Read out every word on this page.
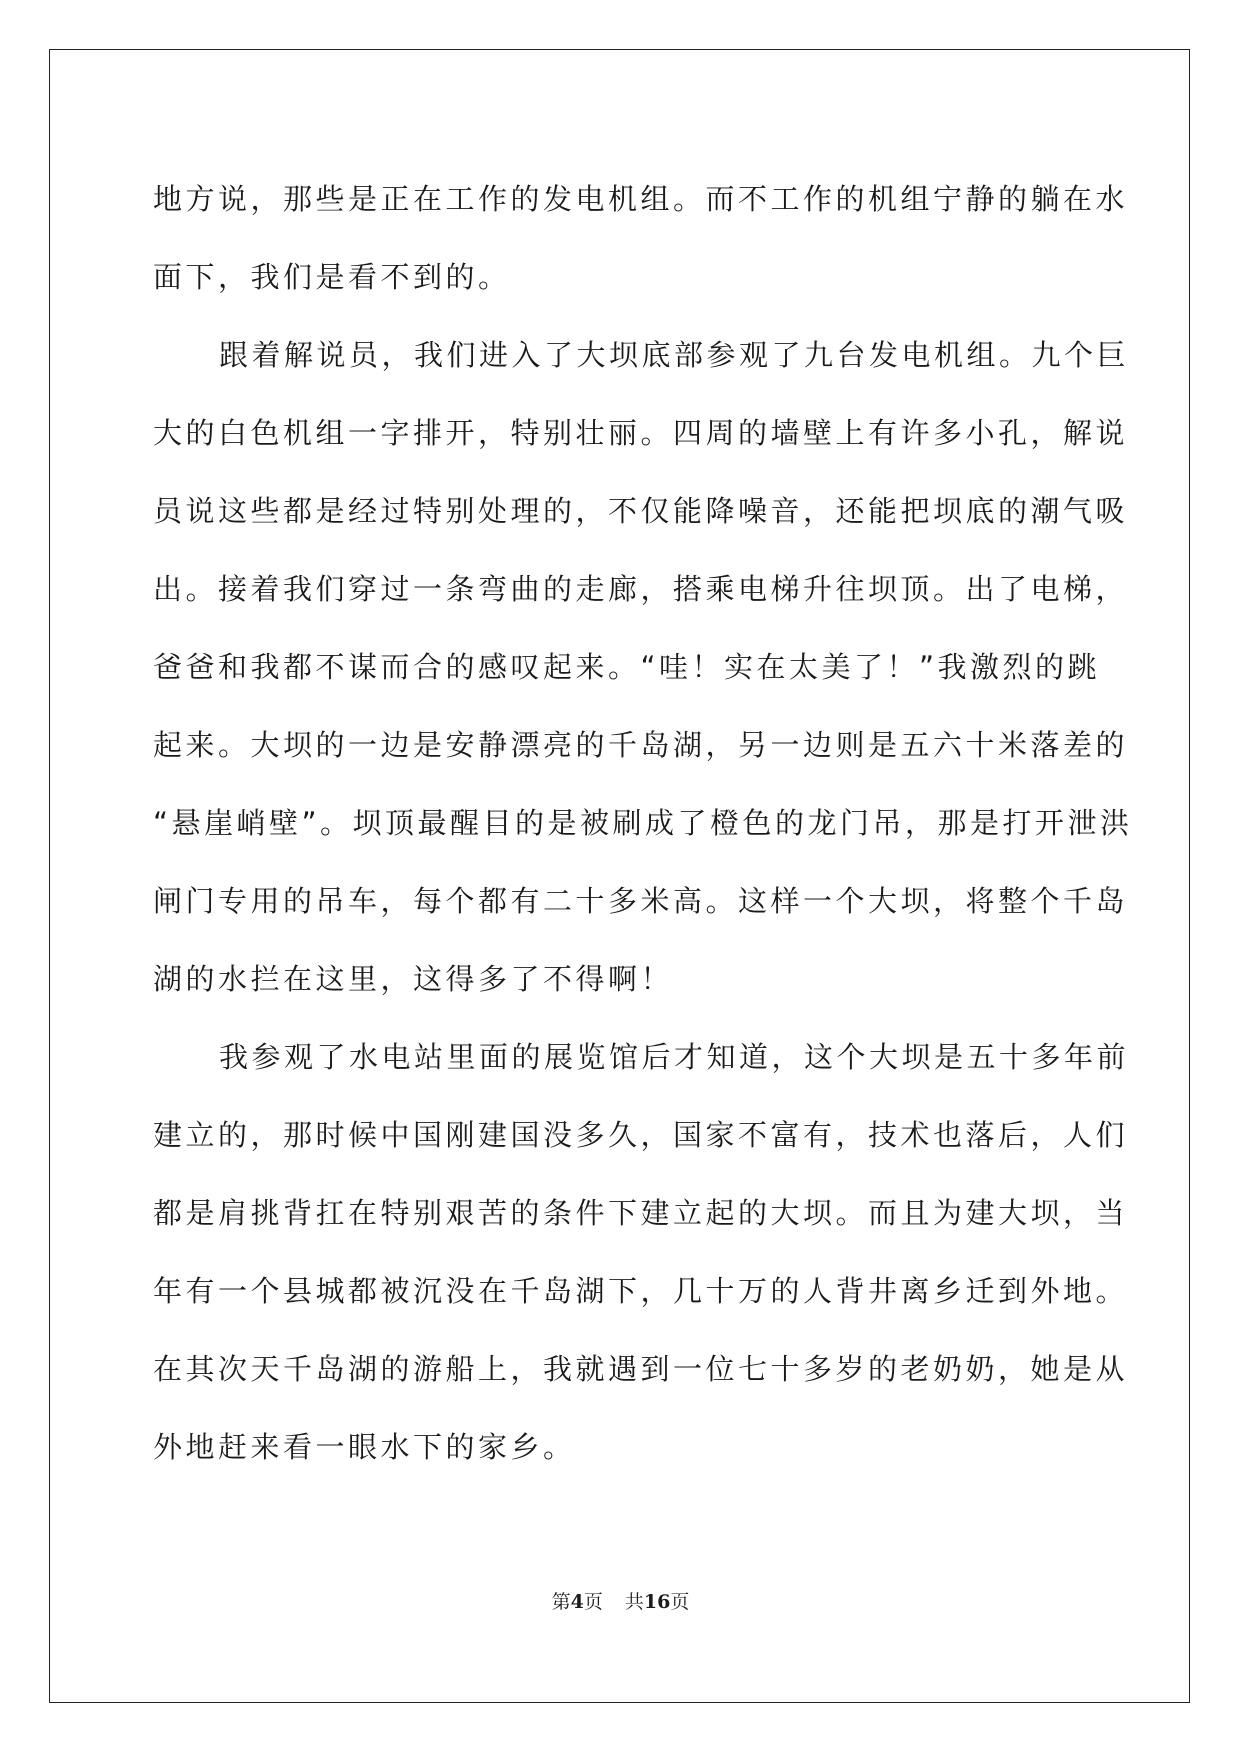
地方说，那些是正在工作的发电机组。而不工作的机组宁静的躺在水
面下，我们是看不到的。

跟着解说员，我们进入了大坝底部参观了九台发电机组。九个巨

大的白色机组一字排开，特别壮丽。四周的墙壁上有许多小孔，解说
员说这些都是经过特别处理的，不仅能降噪音，还能把坝底的潮气吸
出。接着我们穿过一条弯曲的走廊，搭乘电梯升往坝顶。出了电梯，
爸爸和我都不谋而合的感叹起来。“哇！实在太美了！”我激烈的跳
起来。大坝的一边是安静漂亮的千岛湖，另一边则是五六十米落差的
“悬崖峭壁”。坝顶最醒目的是被刷成了橙色的龙门吊，那是打开泄洪
闸门专用的吊车，每个都有二十多米高。这样一个大坝，将整个千岛
湖的水拦在这里，这得多了不得啊！

我参观了水电站里面的展览馆后才知道，这个大坝是五十多年前

建立的，那时候中国刚建国没多久，国家不富有，技术也落后，人们
都是肩挑背扛在特别艰苦的条件下建立起的大坝。而且为建大坝，当
年有一个县城都被沉没在千岛湖下，几十万的人背井离乡迁到外地。
在其次天千岛湖的游船上，我就遇到一位七十多岁的老奶奶，她是从
外地赶来看一眼水下的家乡。

第4页 共16页
